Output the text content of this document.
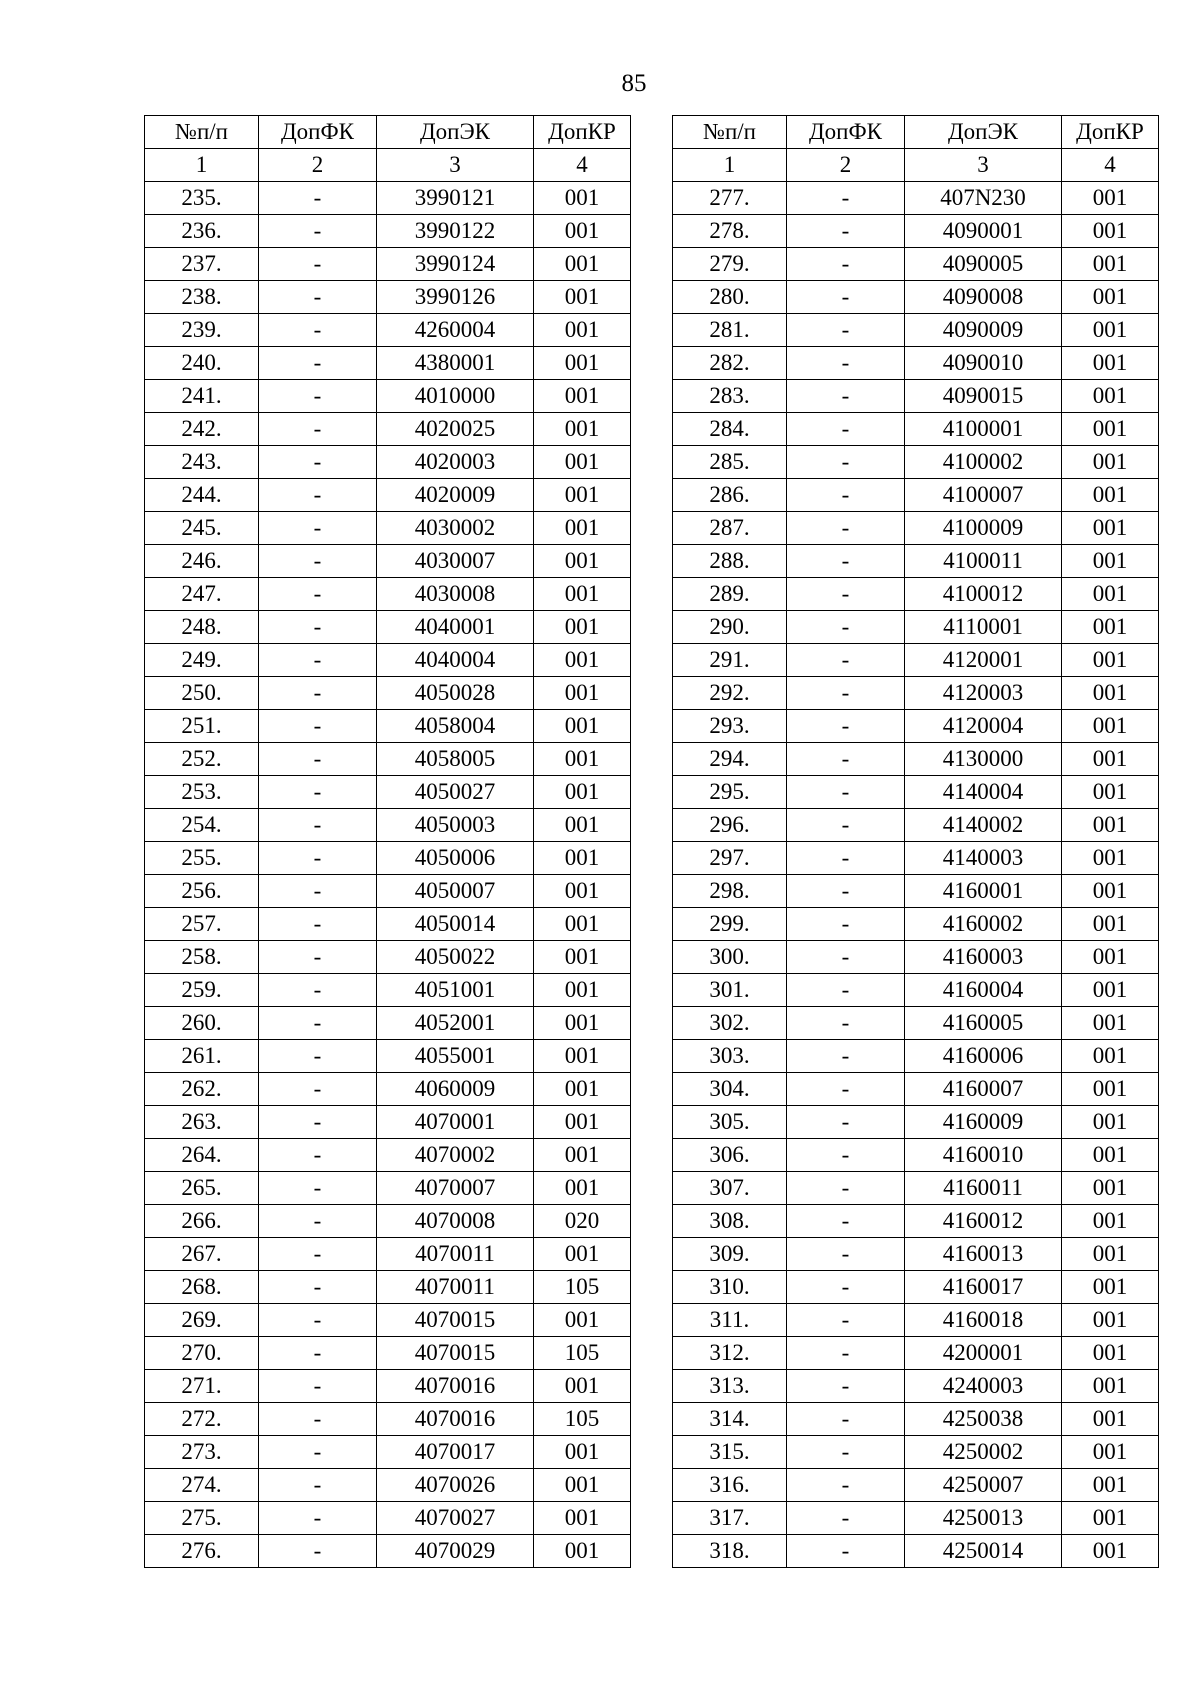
85
№п/п	ДопФК	ДопЭК	ДопКР
1	2	3	4
235.	-	3990121	001
236.	-	3990122	001
237.	-	3990124	001
238.	-	3990126	001
239.	-	4260004	001
240.	-	4380001	001
241.	-	4010000	001
242.	-	4020025	001
243.	-	4020003	001
244.	-	4020009	001
245.	-	4030002	001
246.	-	4030007	001
247.	-	4030008	001
248.	-	4040001	001
249.	-	4040004	001
250.	-	4050028	001
251.	-	4058004	001
252.	-	4058005	001
253.	-	4050027	001
254.	-	4050003	001
255.	-	4050006	001
256.	-	4050007	001
257.	-	4050014	001
258.	-	4050022	001
259.	-	4051001	001
260.	-	4052001	001
261.	-	4055001	001
262.	-	4060009	001
263.	-	4070001	001
264.	-	4070002	001
265.	-	4070007	001
266.	-	4070008	020
267.	-	4070011	001
268.	-	4070011	105
269.	-	4070015	001
270.	-	4070015	105
271.	-	4070016	001
272.	-	4070016	105
273.	-	4070017	001
274.	-	4070026	001
275.	-	4070027	001
276.	-	4070029	001
№п/п	ДопФК	ДопЭК	ДопКР
1	2	3	4
277.	-	407N230	001
278.	-	4090001	001
279.	-	4090005	001
280.	-	4090008	001
281.	-	4090009	001
282.	-	4090010	001
283.	-	4090015	001
284.	-	4100001	001
285.	-	4100002	001
286.	-	4100007	001
287.	-	4100009	001
288.	-	4100011	001
289.	-	4100012	001
290.	-	4110001	001
291.	-	4120001	001
292.	-	4120003	001
293.	-	4120004	001
294.	-	4130000	001
295.	-	4140004	001
296.	-	4140002	001
297.	-	4140003	001
298.	-	4160001	001
299.	-	4160002	001
300.	-	4160003	001
301.	-	4160004	001
302.	-	4160005	001
303.	-	4160006	001
304.	-	4160007	001
305.	-	4160009	001
306.	-	4160010	001
307.	-	4160011	001
308.	-	4160012	001
309.	-	4160013	001
310.	-	4160017	001
311.	-	4160018	001
312.	-	4200001	001
313.	-	4240003	001
314.	-	4250038	001
315.	-	4250002	001
316.	-	4250007	001
317.	-	4250013	001
318.	-	4250014	001
